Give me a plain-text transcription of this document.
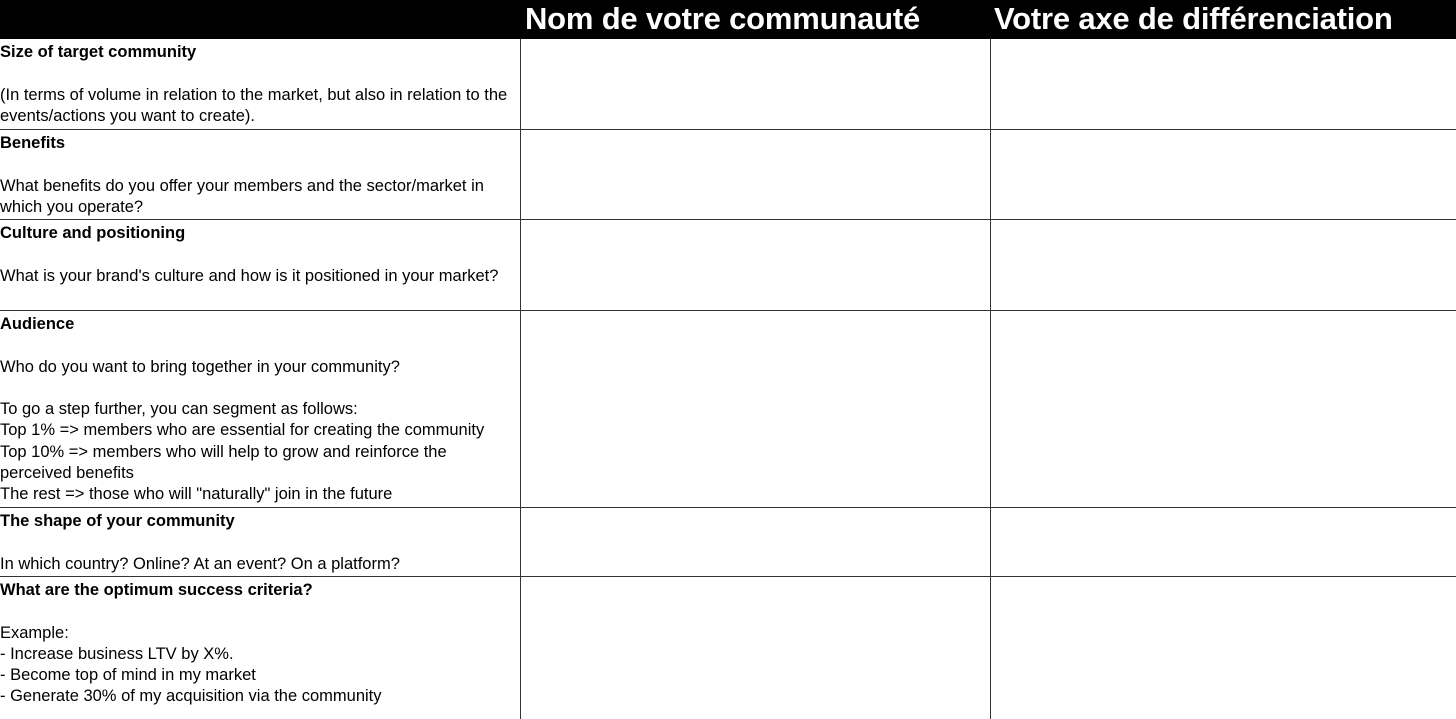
Nom de votre communauté	Votre axe de différenciation
Size of target community
(In terms of volume in relation to the market, but also in relation to the events/actions you want to create).
Benefits
What benefits do you offer your members and the sector/market in which you operate?
Culture and positioning
What is your brand's culture and how is it positioned in your market?
Audience
Who do you want to bring together in your community?

To go a step further, you can segment as follows:
Top 1% => members who are essential for creating the community
Top 10% => members who will help to grow and reinforce the perceived benefits
The rest => those who will "naturally" join in the future
The shape of your community
In which country? Online? At an event? On a platform?
What are the optimum success criteria?
Example:
- Increase business LTV by X%.
- Become top of mind in my market
- Generate 30% of my acquisition via the community
